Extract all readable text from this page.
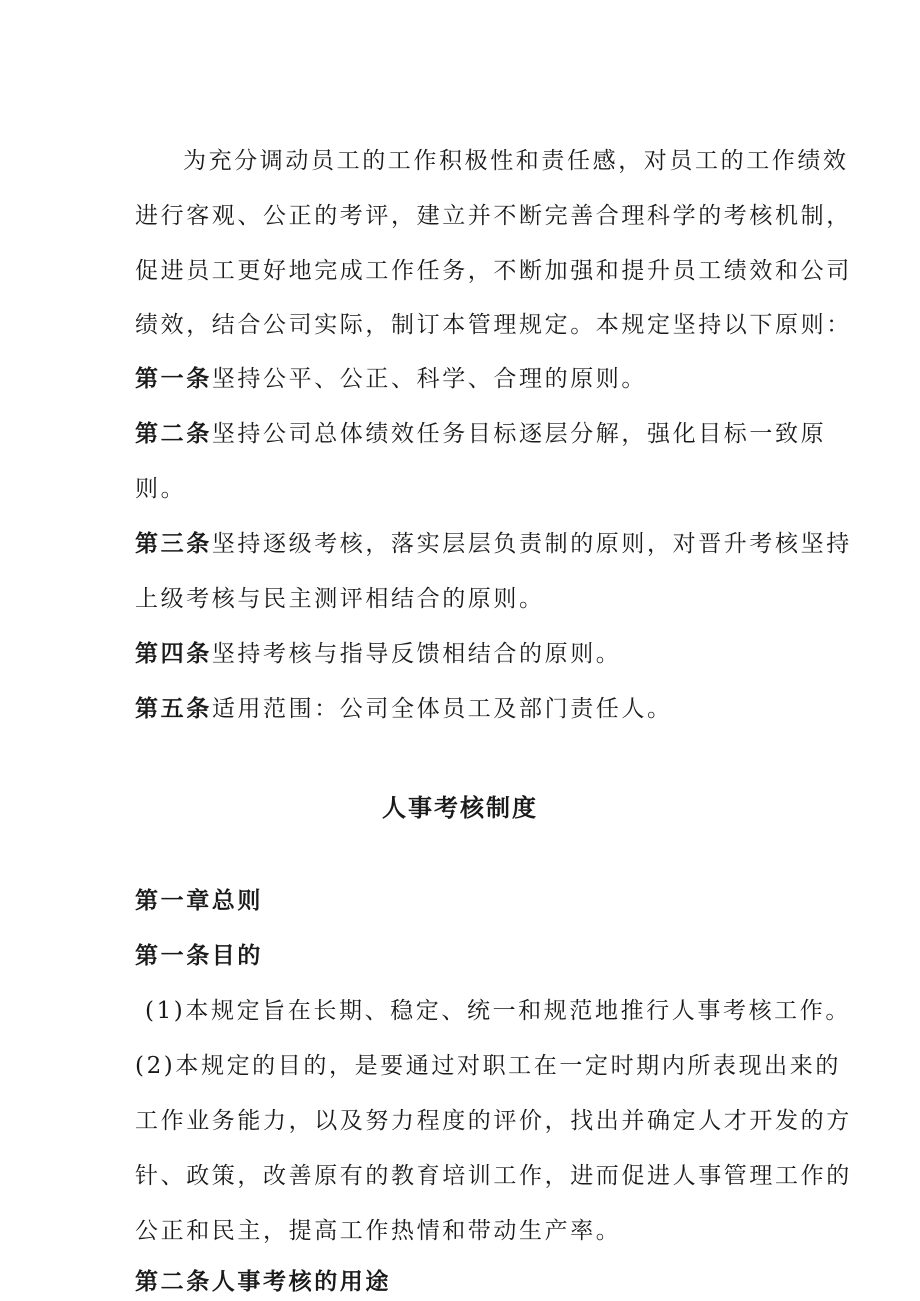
为充分调动员工的工作积极性和责任感，对员工的工作绩效
进行客观、公正的考评，建立并不断完善合理科学的考核机制，
促进员工更好地完成工作任务，不断加强和提升员工绩效和公司
绩效，结合公司实际，制订本管理规定。本规定坚持以下原则：
第一条坚持公平、公正、科学、合理的原则。
第二条坚持公司总体绩效任务目标逐层分解，强化目标一致原
则。
第三条坚持逐级考核，落实层层负责制的原则，对晋升考核坚持
上级考核与民主测评相结合的原则。
第四条坚持考核与指导反馈相结合的原则。
第五条适用范围：公司全体员工及部门责任人。
人事考核制度
第一章总则
第一条目的
(1)本规定旨在长期、稳定、统一和规范地推行人事考核工作。
(2)本规定的目的，是要通过对职工在一定时期内所表现出来的
工作业务能力，以及努力程度的评价，找出并确定人才开发的方
针、政策，改善原有的教育培训工作，进而促进人事管理工作的
公正和民主，提高工作热情和带动生产率。
第二条人事考核的用途
